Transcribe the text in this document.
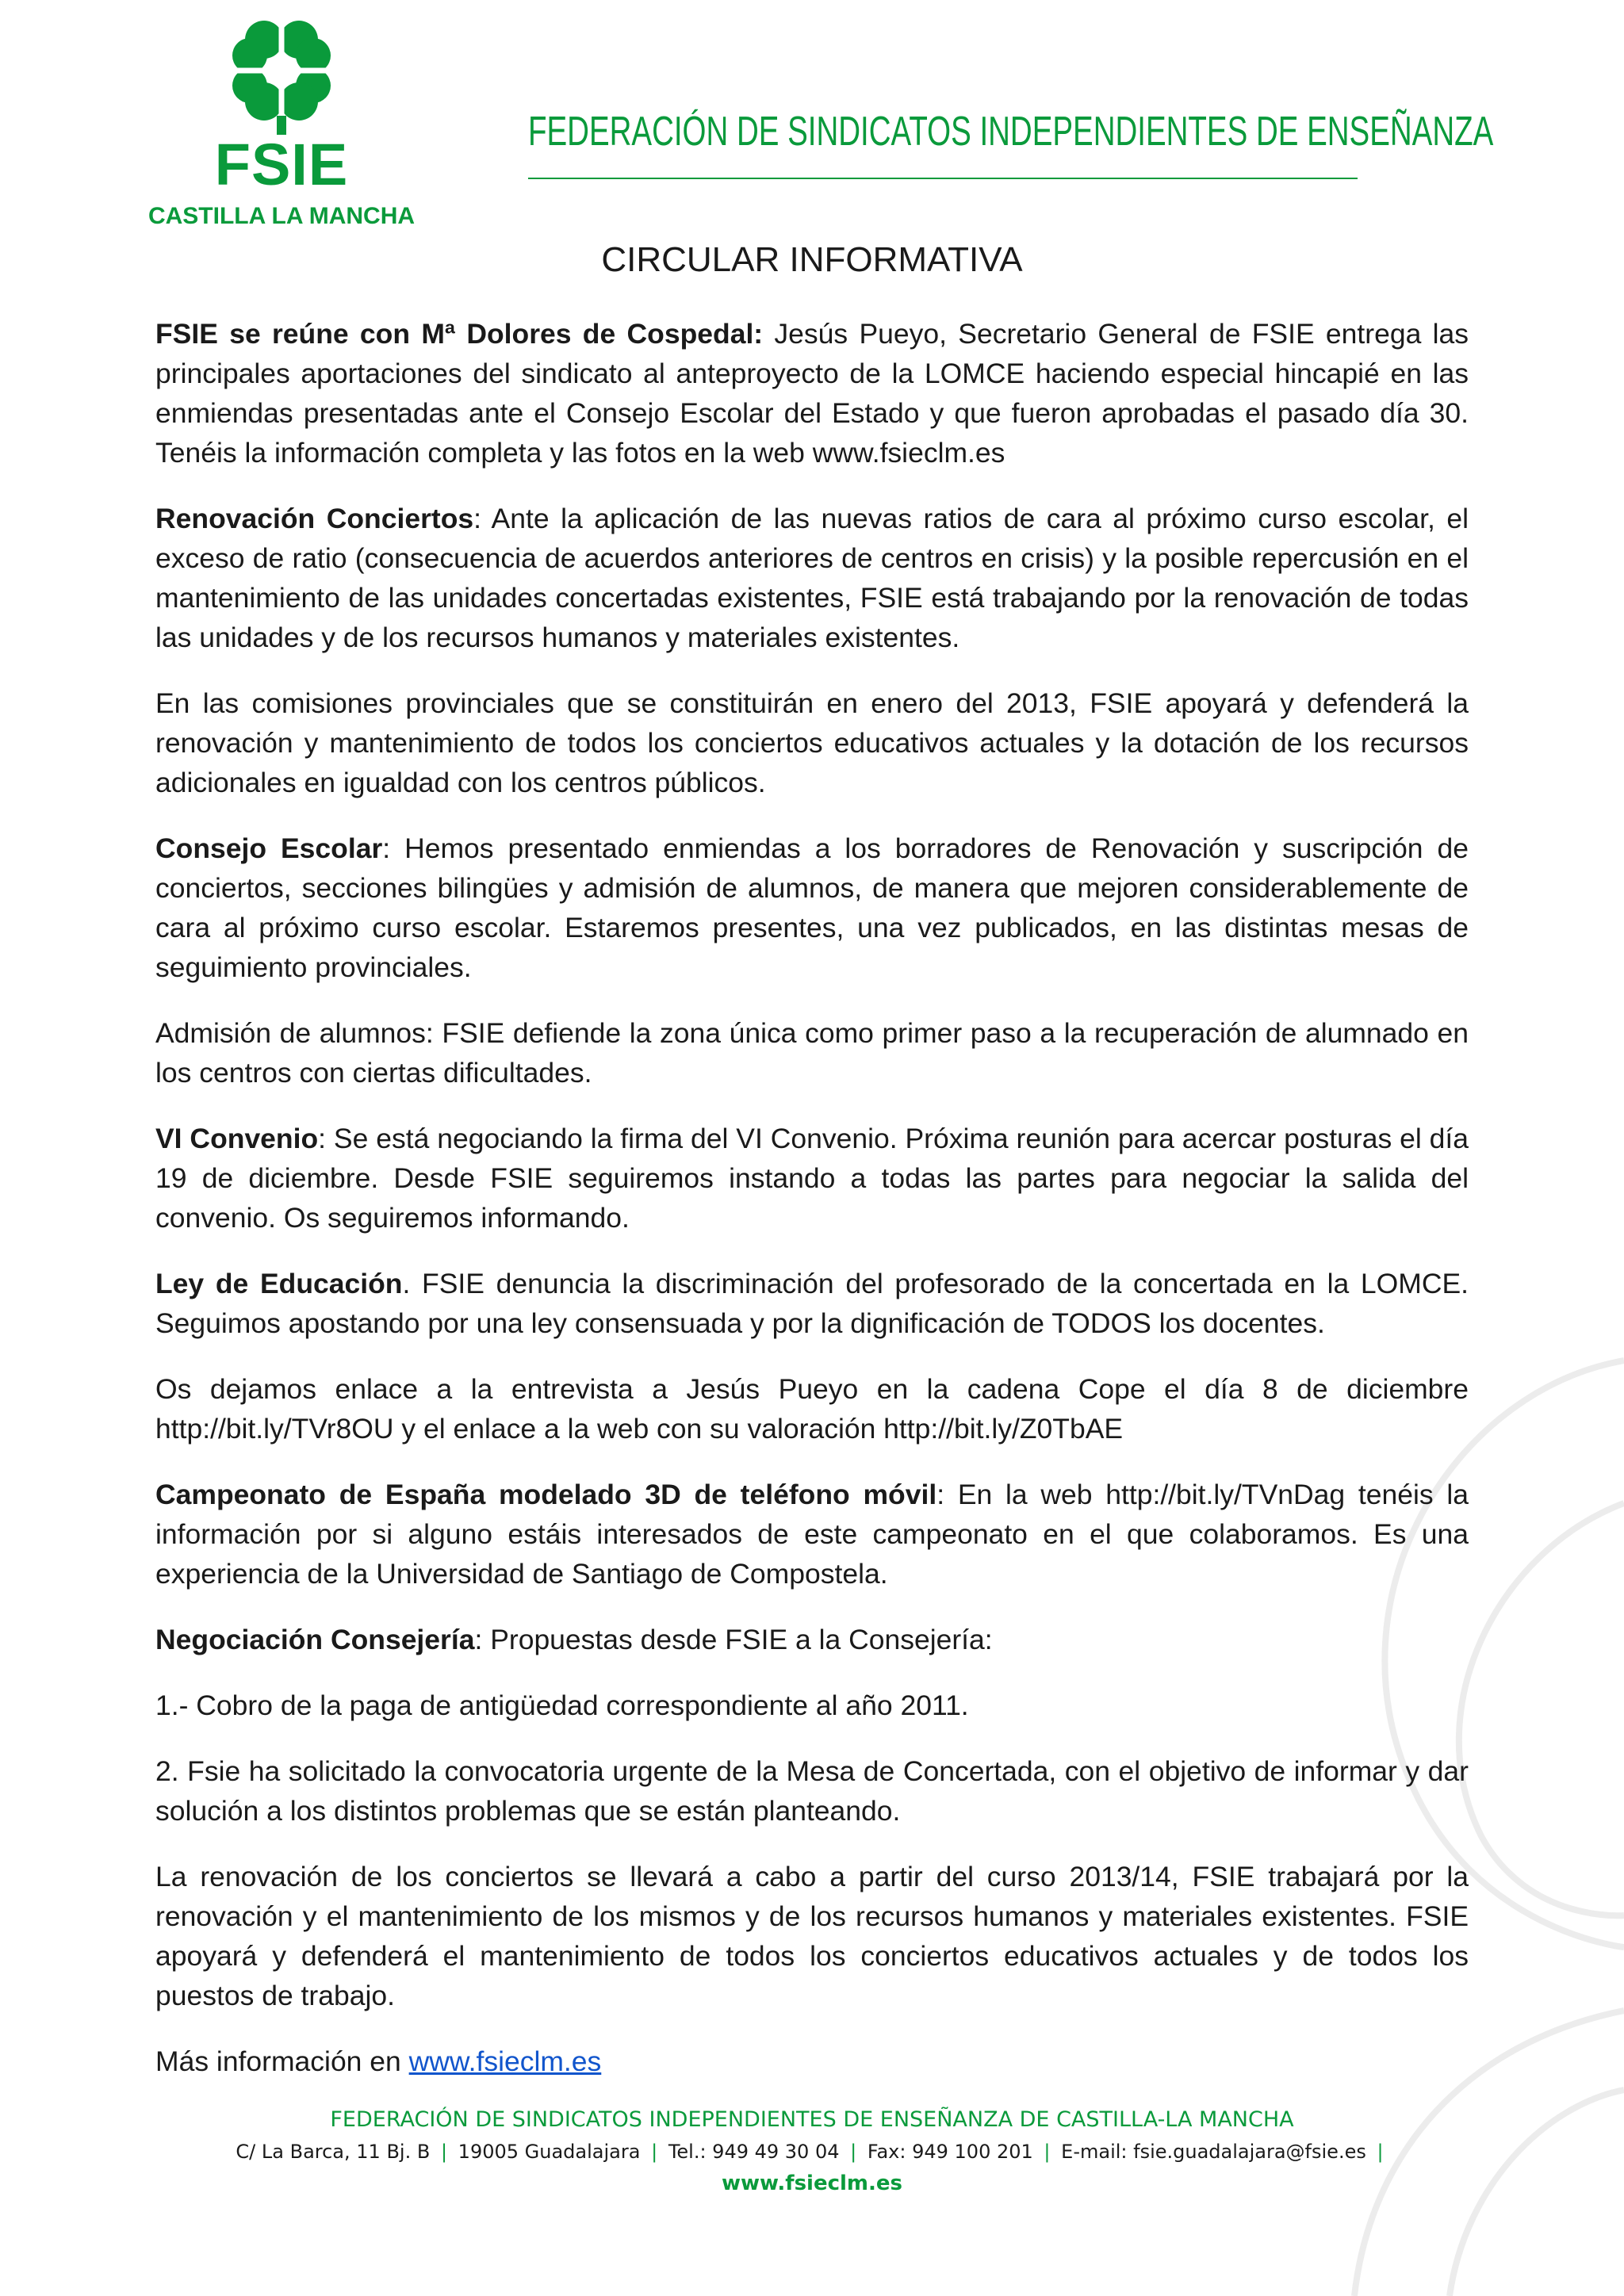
FSIE
CASTILLA LA MANCHA
FEDERACIÓN DE SINDICATOS INDEPENDIENTES DE ENSEÑANZA
CIRCULAR INFORMATIVA

FSIE se reúne con Mª Dolores de Cospedal: Jesús Pueyo, Secretario General de FSIE entrega las principales aportaciones del sindicato al anteproyecto de la LOMCE haciendo especial hincapié en las enmiendas presentadas ante el Consejo Escolar del Estado y que fueron aprobadas el pasado día 30. Tenéis la información completa y las fotos en la web www.fsieclm.es

Renovación Conciertos: Ante la aplicación de las nuevas ratios de cara al próximo curso escolar, el exceso de ratio (consecuencia de acuerdos anteriores de centros en crisis) y la posible repercusión en el mantenimiento de las unidades concertadas existentes, FSIE está trabajando por la renovación de todas las unidades y de los recursos humanos y materiales existentes.

En las comisiones provinciales que se constituirán en enero del 2013, FSIE apoyará y defenderá la renovación y mantenimiento de todos los conciertos educativos actuales y la dotación de los recursos adicionales en igualdad con los centros públicos.

Consejo Escolar: Hemos presentado enmiendas a los borradores de Renovación y suscripción de conciertos, secciones bilingües y admisión de alumnos, de manera que mejoren considerablemente de cara al próximo curso escolar. Estaremos presentes, una vez publicados, en las distintas mesas de seguimiento provinciales.

Admisión de alumnos: FSIE defiende la zona única como primer paso a la recuperación de alumnado en los centros con ciertas dificultades.

VI Convenio: Se está negociando la firma del VI Convenio. Próxima reunión para acercar posturas el día 19 de diciembre. Desde FSIE seguiremos instando a todas las partes para negociar la salida del convenio. Os seguiremos informando.

Ley de Educación. FSIE denuncia la discriminación del profesorado de la concertada en la LOMCE. Seguimos apostando por una ley consensuada y por la dignificación de TODOS los docentes.

Os dejamos enlace a la entrevista a Jesús Pueyo en la cadena Cope el día 8 de diciembre http://bit.ly/TVr8OU y el enlace a la web con su valoración http://bit.ly/Z0TbAE

Campeonato de España modelado 3D de teléfono móvil: En la web http://bit.ly/TVnDag tenéis la información por si alguno estáis interesados de este campeonato en el que colaboramos. Es una experiencia de la Universidad de Santiago de Compostela.

Negociación Consejería: Propuestas desde FSIE a la Consejería:

1.- Cobro de la paga de antigüedad correspondiente al año 2011.

2. Fsie ha solicitado la convocatoria urgente de la Mesa de Concertada, con el objetivo de informar y dar solución a los distintos problemas que se están planteando.

La renovación de los conciertos se llevará a cabo a partir del curso 2013/14, FSIE trabajará por la renovación y el mantenimiento de los mismos y de los recursos humanos y materiales existentes. FSIE apoyará y defenderá el mantenimiento de todos los conciertos educativos actuales y de todos los puestos de trabajo.

Más información en www.fsieclm.es

FEDERACIÓN DE SINDICATOS INDEPENDIENTES DE ENSEÑANZA DE CASTILLA-LA MANCHA
C/ La Barca, 11 Bj. B | 19005 Guadalajara | Tel.: 949 49 30 04 | Fax: 949 100 201 | E-mail: fsie.guadalajara@fsie.es |
www.fsieclm.es
